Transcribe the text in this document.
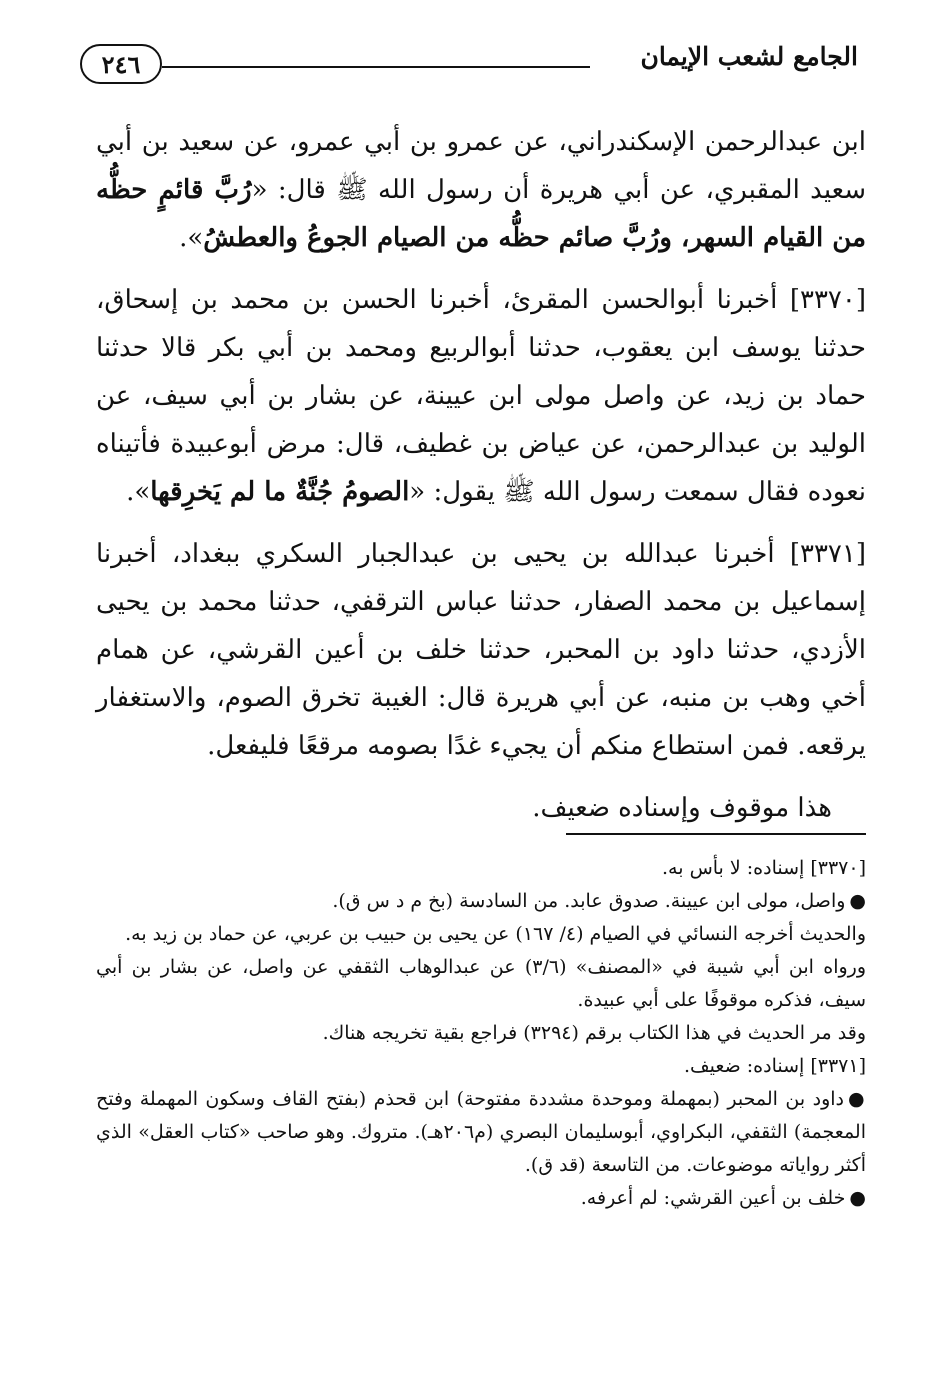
٢٤٦	الجامع لشعب الإيمان

ابن عبدالرحمن الإسكندراني، عن عمرو بن أبي عمرو، عن سعيد بن أبي سعيد المقبري، عن أبي هريرة أن رسول الله ﷺ قال: «رُبَّ قائمٍ حظُّه من القيام السهر، ورُبَّ صائم حظُّه من الصيام الجوعُ والعطشُ».

[٣٣٧٠] أخبرنا أبوالحسن المقرئ، أخبرنا الحسن بن محمد بن إسحاق، حدثنا يوسف ابن يعقوب، حدثنا أبوالربيع ومحمد بن أبي بكر قالا حدثنا حماد بن زيد، عن واصل مولى ابن عيينة، عن بشار بن أبي سيف، عن الوليد بن عبدالرحمن، عن عياض بن غطيف، قال: مرض أبوعبيدة فأتيناه نعوده فقال سمعت رسول الله ﷺ يقول: «الصومُ جُنَّةٌ ما لم يَخرِقها».

[٣٣٧١] أخبرنا عبدالله بن يحيى بن عبدالجبار السكري ببغداد، أخبرنا إسماعيل بن محمد الصفار، حدثنا عباس الترقفي، حدثنا محمد بن يحيى الأزدي، حدثنا داود بن المحبر، حدثنا خلف بن أعين القرشي، عن همام أخي وهب بن منبه، عن أبي هريرة قال: الغيبة تخرق الصوم، والاستغفار يرقعه. فمن استطاع منكم أن يجيء غدًا بصومه مرقعًا فليفعل.

هذا موقوف وإسناده ضعيف.

[٣٣٧٠] إسناده: لا بأس به.

●واصل، مولى ابن عيينة. صدوق عابد. من السادسة (بخ م د س ق).

والحديث أخرجه النسائي في الصيام (٤/ ١٦٧) عن يحيى بن حبيب بن عربي، عن حماد بن زيد به.

ورواه ابن أبي شيبة في «المصنف» (٣/٦) عن عبدالوهاب الثقفي عن واصل، عن بشار بن أبي سيف، فذكره موقوفًا على أبي عبيدة.

وقد مر الحديث في هذا الكتاب برقم (٣٢٩٤) فراجع بقية تخريجه هناك.

[٣٣٧١] إسناده: ضعيف.

●داود بن المحبر (بمهملة وموحدة مشددة مفتوحة) ابن قحذم (بفتح القاف وسكون المهملة وفتح المعجمة) الثقفي، البكراوي، أبوسليمان البصري (م٢٠٦هـ). متروك. وهو صاحب «كتاب العقل» الذي أكثر رواياته موضوعات. من التاسعة (قد ق).

●خلف بن أعين القرشي: لم أعرفه.
